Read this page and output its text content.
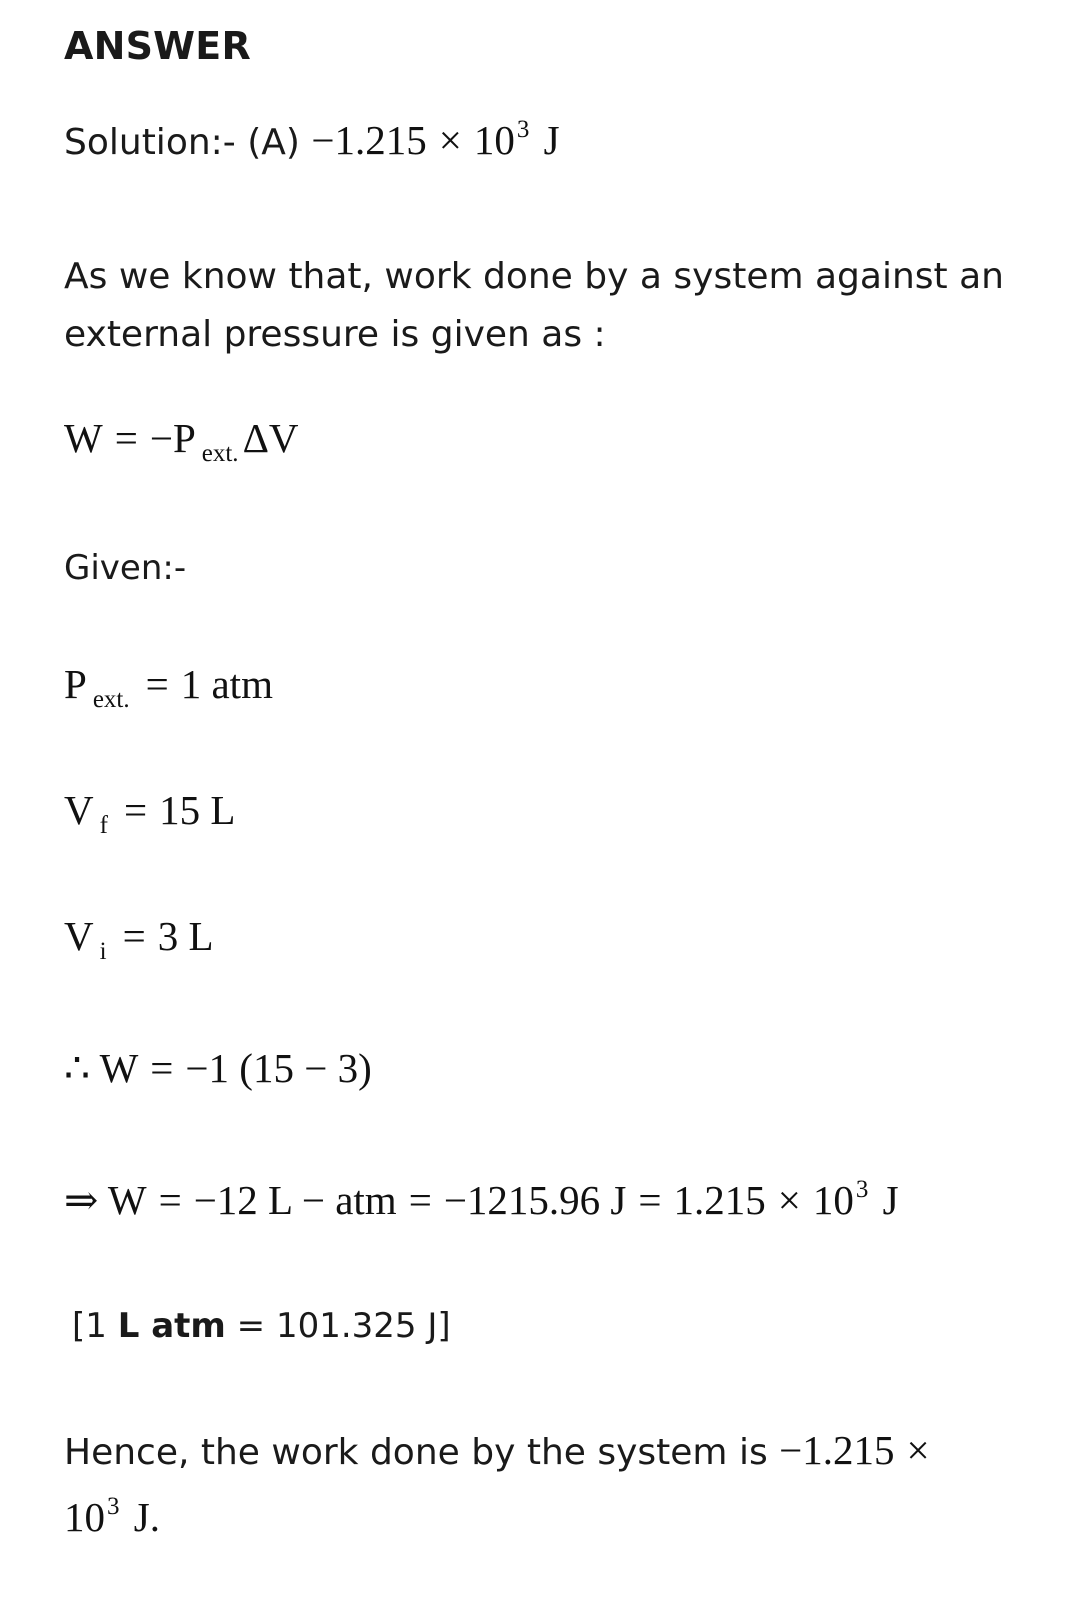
ANSWER
Solution:- $(A) -1.215 \times 10^3$ J
As we know that, work done by a system against an
external pressure is given as :
W = −P $_{ext.}$ΔV
Given:-
P $_{ext.}$ = 1 atm
V $_f$ = 15 L
V $_i$ = 3 L
∴ W = −1 (15 − 3)
⇒ W = −12 L − atm = −1215.96 $J = 1.215 \times 10^3$ J
[1 L atm = 101.325 J]
Hence, the work done by the system is −1.215 ×
$10^3$ J.
